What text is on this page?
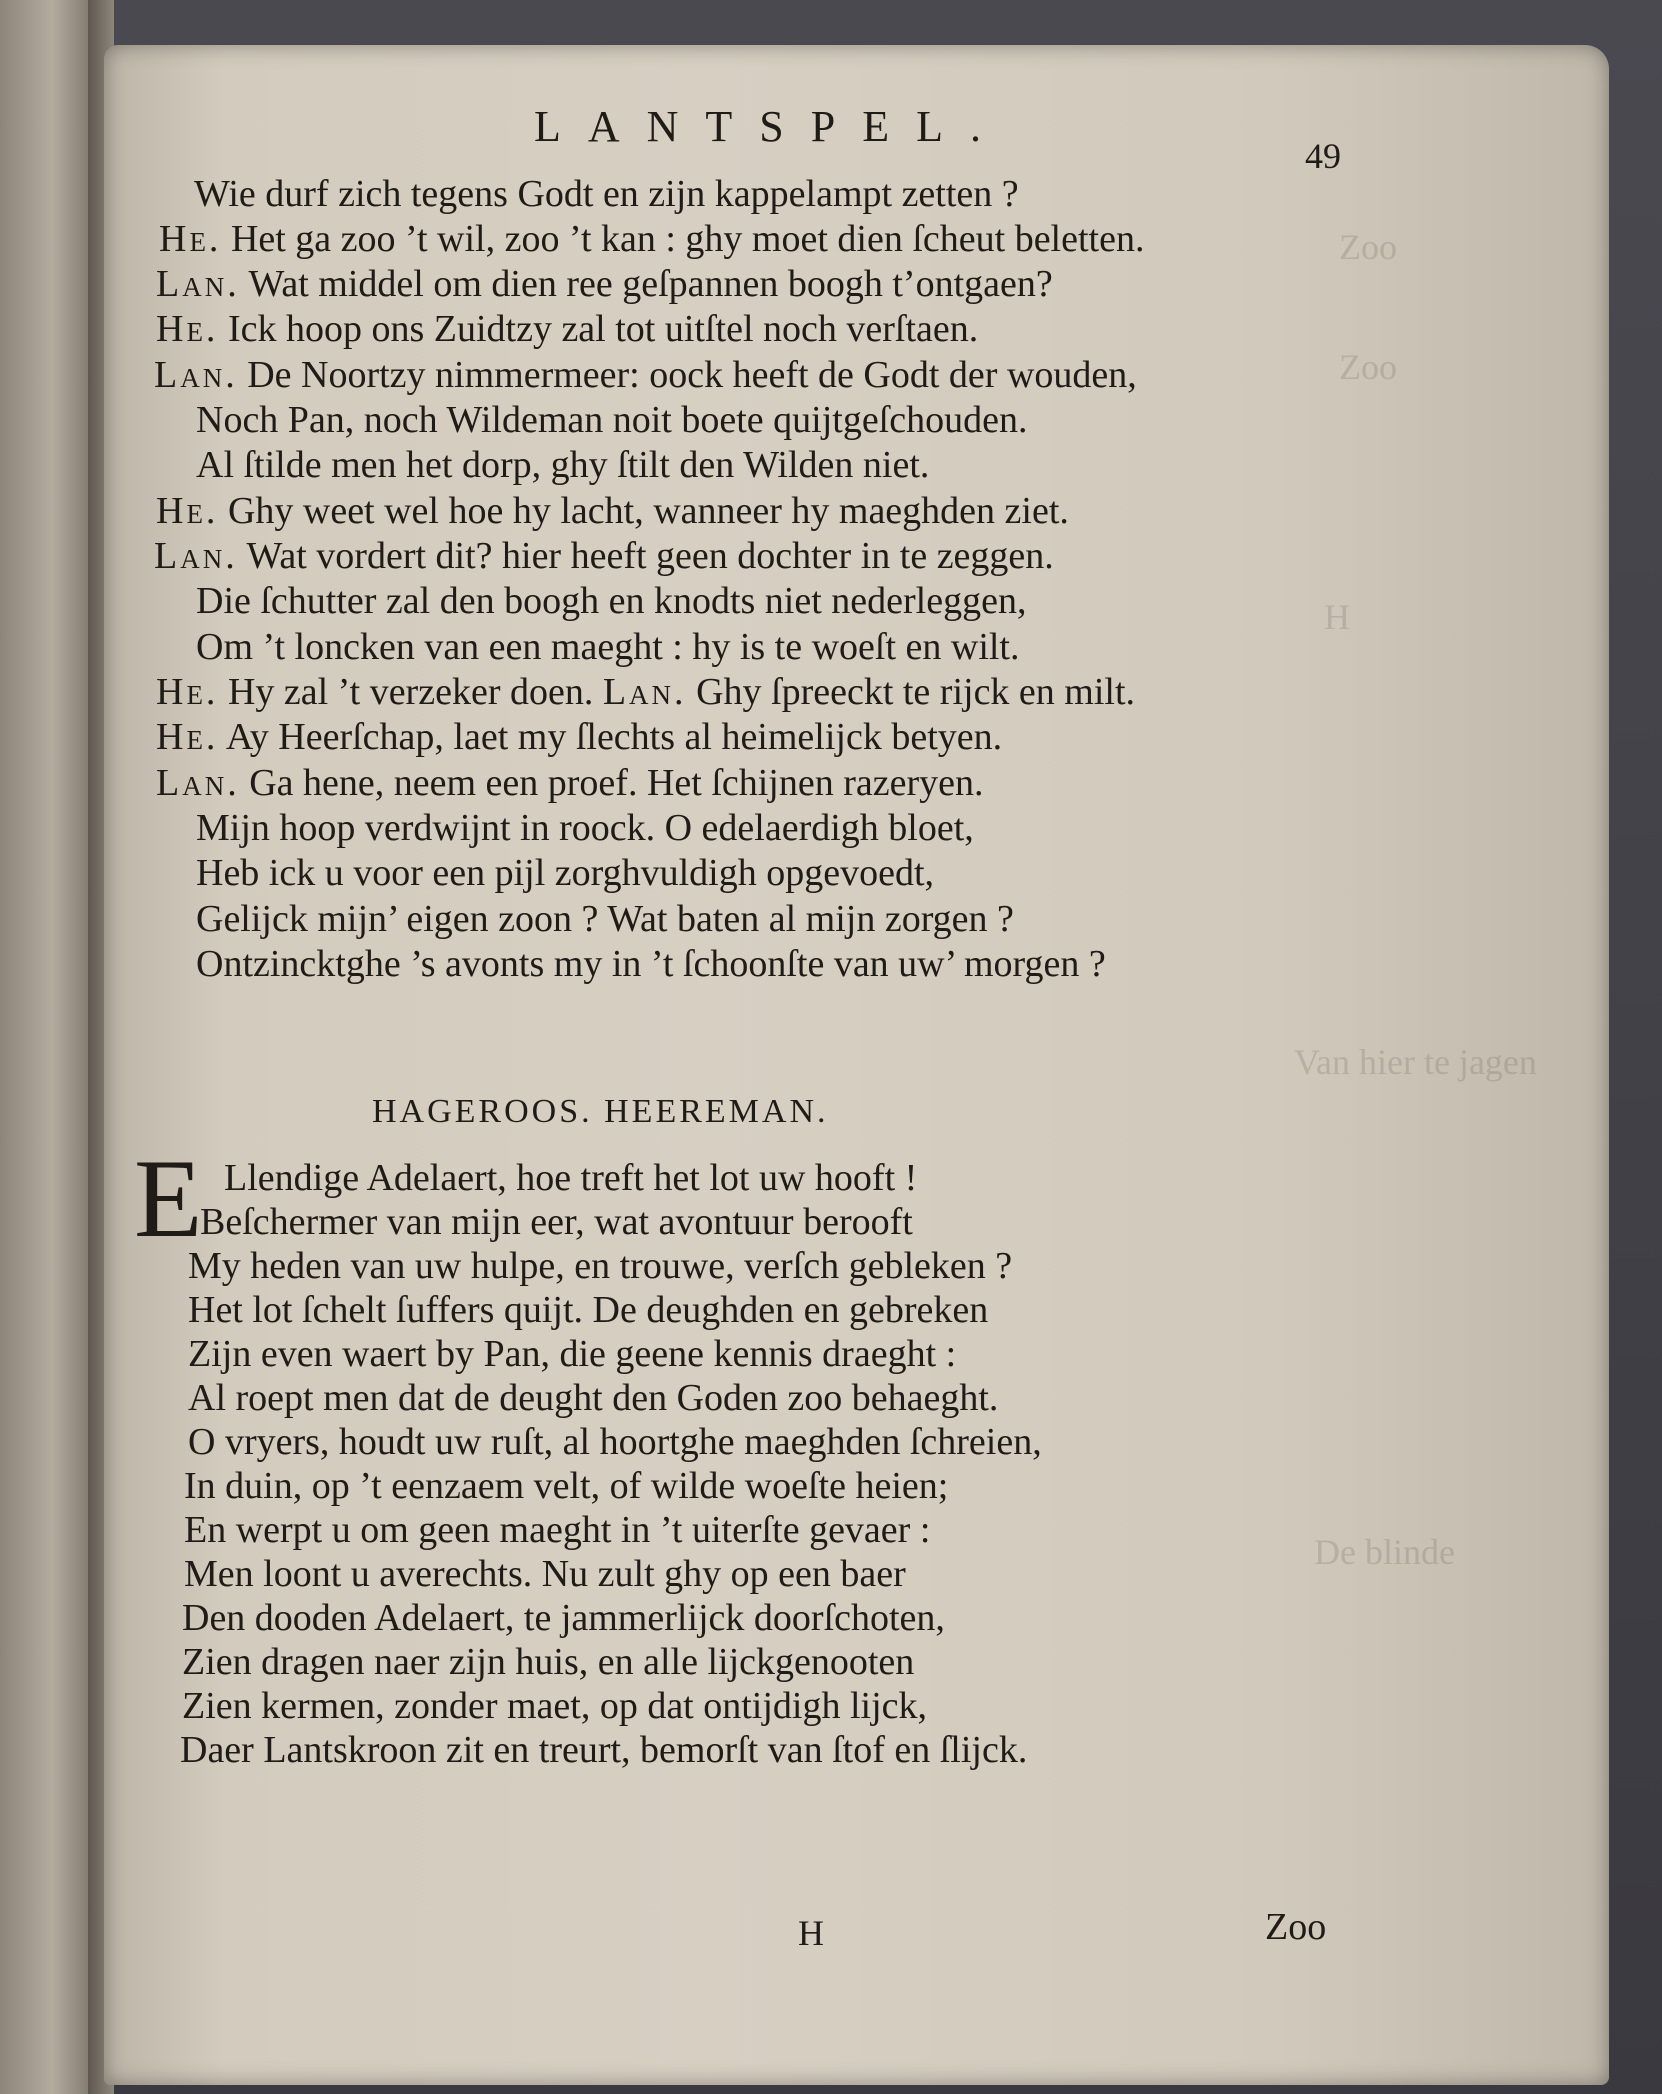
Zoo
Zoo
H
Van hier te jagen
De blinde
LANTSPEL.
49
Wie durf zich tegens Godt en zijn kappelampt zetten ?
He. Het ga zoo ’t wil, zoo ’t kan : ghy moet dien ſcheut beletten.
Lan. Wat middel om dien ree geſpannen boogh t’ontgaen?
He. Ick hoop ons Zuidtzy zal tot uitſtel noch verſtaen.
Lan. De Noortzy nimmermeer: oock heeft de Godt der wouden,
Noch Pan, noch Wildeman noit boete quijtgeſchouden.
Al ſtilde men het dorp, ghy ſtilt den Wilden niet.
He. Ghy weet wel hoe hy lacht, wanneer hy maeghden ziet.
Lan. Wat vordert dit? hier heeft geen dochter in te zeggen.
Die ſchutter zal den boogh en knodts niet nederleggen,
Om ’t loncken van een maeght : hy is te woeſt en wilt.
He. Hy zal ’t verzeker doen. Lan. Ghy ſpreeckt te rijck en milt.
He. Ay Heerſchap, laet my ſlechts al heimelijck betyen.
Lan. Ga hene, neem een proef. Het ſchijnen razeryen.
Mijn hoop verdwijnt in roock. O edelaerdigh bloet,
Heb ick u voor een pijl zorghvuldigh opgevoedt,
Gelijck mijn’ eigen zoon ? Wat baten al mijn zorgen ?
Ontzincktghe ’s avonts my in ’t ſchoonſte van uw’ morgen ?
HAGEROOS. HEEREMAN.
E Llendige Adelaert, hoe treft het lot uw hooft !
Beſchermer van mijn eer, wat avontuur berooft
My heden van uw hulpe, en trouwe, verſch gebleken ?
Het lot ſchelt ſuffers quijt. De deughden en gebreken
Zijn even waert by Pan, die geene kennis draeght :
Al roept men dat de deught den Goden zoo behaeght.
O vryers, houdt uw ruſt, al hoortghe maeghden ſchreien,
In duin, op ’t eenzaem velt, of wilde woeſte heien;
En werpt u om geen maeght in ’t uiterſte gevaer :
Men loont u averechts. Nu zult ghy op een baer
Den dooden Adelaert, te jammerlijck doorſchoten,
Zien dragen naer zijn huis, en alle lijckgenooten
Zien kermen, zonder maet, op dat ontijdigh lijck,
Daer Lantskroon zit en treurt, bemorſt van ſtof en ſlijck.
H	Zoo
